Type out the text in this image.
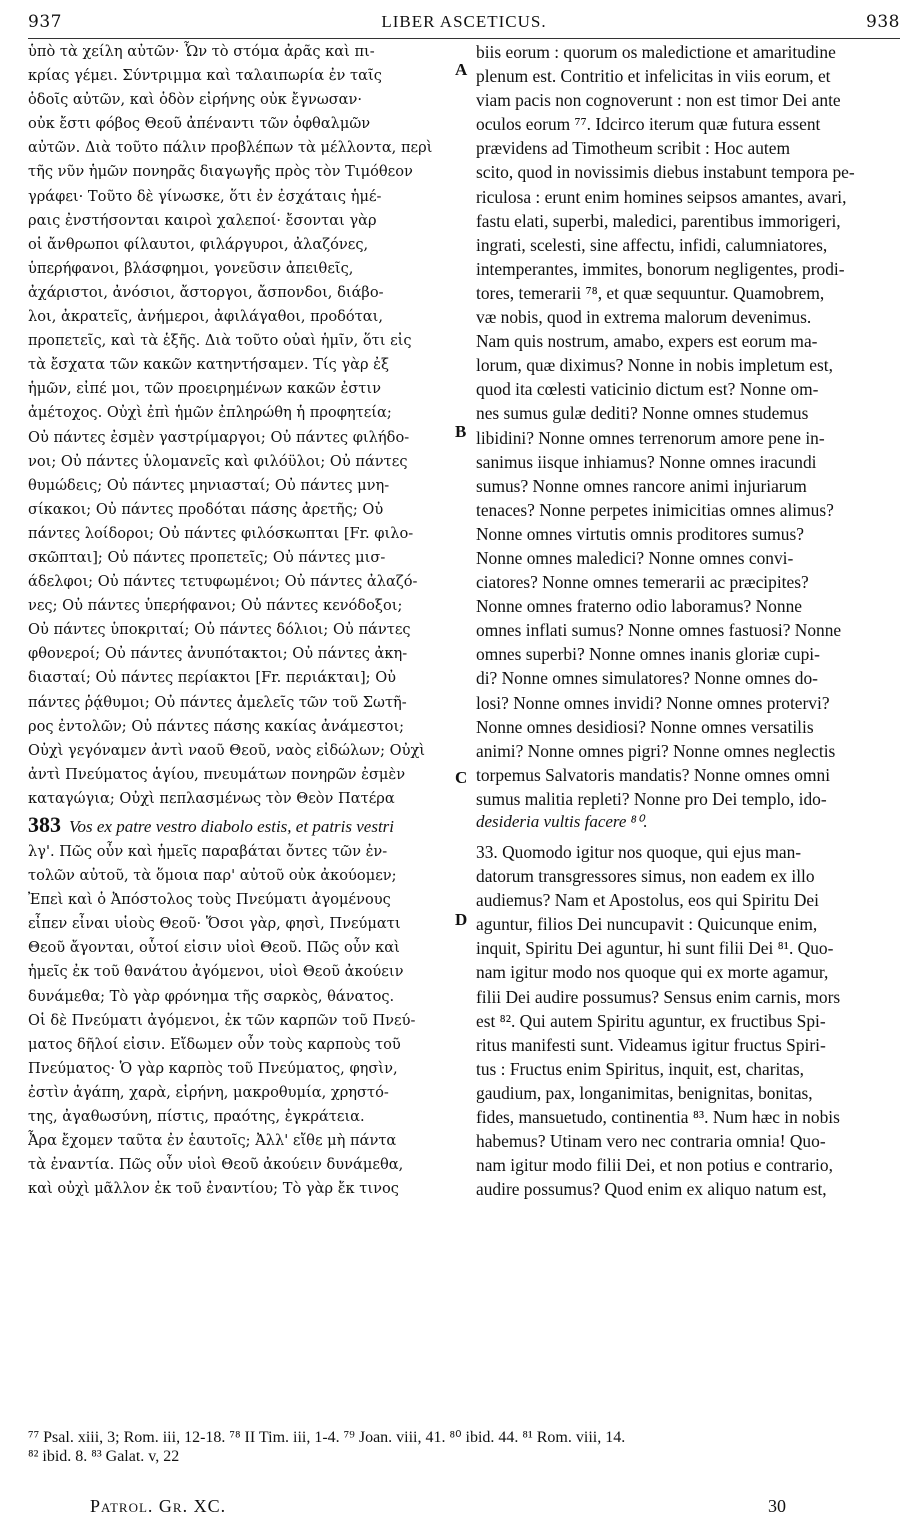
937	LIBER ASCETICUS.	938
ὑπὸ τὰ χείλη αὐτῶν· Ὧν τὸ στόμα ἀρᾶς καὶ πι-
κρίας γέμει. Σύντριμμα καὶ ταλαιπωρία ἐν ταῖς
ὁδοῖς αὐτῶν, καὶ ὁδὸν εἰρήνης οὐκ ἔγνωσαν·
οὐκ ἔστι φόβος Θεοῦ ἀπέναντι τῶν ὀφθαλμῶν
αὐτῶν. Διὰ τοῦτο πάλιν προβλέπων τὰ μέλλοντα, περὶ
τῆς νῦν ἡμῶν πονηρᾶς διαγωγῆς πρὸς τὸν Τιμόθεον
γράφει· Τοῦτο δὲ γίνωσκε, ὅτι ἐν ἐσχάταις ἡμέ-
ραις ἐνστήσονται καιροὶ χαλεποί· ἔσονται γὰρ
οἱ ἄνθρωποι φίλαυτοι, φιλάργυροι, ἀλαζόνες,
ὑπερήφανοι, βλάσφημοι, γονεῦσιν ἀπειθεῖς,
ἀχάριστοι, ἀνόσιοι, ἄστοργοι, ἄσπονδοι, διάβο-
λοι, ἀκρατεῖς, ἀνήμεροι, ἀφιλάγαθοι, προδόται,
προπετεῖς, καὶ τὰ ἑξῆς. Διὰ τοῦτο οὐαὶ ἡμῖν, ὅτι εἰς
τὰ ἔσχατα τῶν κακῶν κατηντήσαμεν. Τίς γὰρ ἐξ
ἡμῶν, εἰπέ μοι, τῶν προειρημένων κακῶν ἐστιν
ἀμέτοχος. Οὐχὶ ἐπὶ ἡμῶν ἐπληρώθη ἡ προφητεία;
Οὐ πάντες ἐσμὲν γαστρίμαργοι; Οὐ πάντες φιλήδο-
νοι; Οὐ πάντες ὑλομανεῖς καὶ φιλόϋλοι; Οὐ πάντες
θυμώδεις; Οὐ πάντες μηνιασταί; Οὐ πάντες μνη-
σίκακοι; Οὐ πάντες προδόται πάσης ἀρετῆς; Οὐ
πάντες λοίδοροι; Οὐ πάντες φιλόσκωπται [Fr. φιλο-
σκῶπται]; Οὐ πάντες προπετεῖς; Οὐ πάντες μισ-
άδελφοι; Οὐ πάντες τετυφωμένοι; Οὐ πάντες ἀλαζό-
νες; Οὐ πάντες ὑπερήφανοι; Οὐ πάντες κενόδοξοι;
Οὐ πάντες ὑποκριταί; Οὐ πάντες δόλιοι; Οὐ πάντες
φθονεροί; Οὐ πάντες ἀνυπότακτοι; Οὐ πάντες ἀκη-
διασταί; Οὐ πάντες περίακτοι [Fr. περιάκται]; Οὐ
πάντες ῥᾴθυμοι; Οὐ πάντες ἀμελεῖς τῶν τοῦ Σωτῆ-
ρος ἐντολῶν; Οὐ πάντες πάσης κακίας ἀνάμεστοι;
Οὐχὶ γεγόναμεν ἀντὶ ναοῦ Θεοῦ, ναὸς εἰδώλων; Οὐχὶ
ἀντὶ Πνεύματος ἁγίου, πνευμάτων πονηρῶν ἐσμὲν
καταγώγια; Οὐχὶ πεπλασμένως τὸν Θεὸν Πατέρα
biis eorum : quorum os maledictione et amaritudine
plenum est. Contritio et infelicitas in viis eorum, et
viam pacis non cognoverunt : non est timor Dei ante
oculos eorum ⁷⁷. Idcirco iterum quæ futura essent
prævidens ad Timotheum scribit : Hoc autem
scito, quod in novissimis diebus instabunt tempora pe-
riculosa : erunt enim homines seipsos amantes, avari,
fastu elati, superbi, maledici, parentibus immorigeri,
ingrati, scelesti, sine affectu, infidi, calumniatores,
intemperantes, immites, bonorum negligentes, prodi-
tores, temerarii ⁷⁸, et quæ sequuntur. Quamobrem,
væ nobis, quod in extrema malorum devenimus.
Nam quis nostrum, amabo, expers est eorum ma-
lorum, quæ diximus? Nonne in nobis impletum est,
quod ita cœlesti vaticinio dictum est? Nonne om-
nes sumus gulæ dediti? Nonne omnes studemus
libidini? Nonne omnes terrenorum amore pene in-
sanimus iisque inhiamus? Nonne omnes iracundi
sumus? Nonne omnes rancore animi injuriarum
tenaces? Nonne perpetes inimicitias omnes alimus?
Nonne omnes virtutis omnis proditores sumus?
Nonne omnes maledici? Nonne omnes convi-
ciatores? Nonne omnes temerarii ac præcipites?
Nonne omnes fraterno odio laboramus? Nonne
omnes inflati sumus? Nonne omnes fastuosi? Nonne
omnes superbi? Nonne omnes inanis gloriæ cupi-
di? Nonne omnes simulatores? Nonne omnes do-
losi? Nonne omnes invidi? Nonne omnes protervi?
Nonne omnes desidiosi? Nonne omnes versatilis
animi? Nonne omnes pigri? Nonne omnes neglectis
torpemus Salvatoris mandatis? Nonne omnes omni
sumus malitia repleti? Nonne pro Dei templo, ido-
A
B
C
D
383 Vos ex patre vestro diabolo estis, et patris vestri	desideria vultis facere ⁸⁰.
λγ'. Πῶς οὖν καὶ ἡμεῖς παραβάται ὄντες τῶν ἐν-
τολῶν αὐτοῦ, τὰ ὅμοια παρ' αὐτοῦ οὐκ ἀκούομεν;
Ἐπεὶ καὶ ὁ Ἀπόστολος τοὺς Πνεύματι ἀγομένους
εἶπεν εἶναι υἱοὺς Θεοῦ· Ὅσοι γὰρ, φησὶ, Πνεύματι
Θεοῦ ἄγονται, οὗτοί εἰσιν υἱοὶ Θεοῦ. Πῶς οὖν καὶ
ἡμεῖς ἐκ τοῦ θανάτου ἀγόμενοι, υἱοὶ Θεοῦ ἀκούειν
δυνάμεθα; Τὸ γὰρ φρόνημα τῆς σαρκὸς, θάνατος.
Οἱ δὲ Πνεύματι ἀγόμενοι, ἐκ τῶν καρπῶν τοῦ Πνεύ-
ματος δῆλοί εἰσιν. Εἴδωμεν οὖν τοὺς καρποὺς τοῦ
Πνεύματος· Ὁ γὰρ καρπὸς τοῦ Πνεύματος, φησὶν,
ἐστὶν ἀγάπη, χαρὰ, εἰρήνη, μακροθυμία, χρηστό-
της, ἀγαθωσύνη, πίστις, πραότης, ἐγκράτεια.
Ἆρα ἔχομεν ταῦτα ἐν ἑαυτοῖς; Ἀλλ' εἴθε μὴ πάντα
τὰ ἐναντία. Πῶς οὖν υἱοὶ Θεοῦ ἀκούειν δυνάμεθα,
καὶ οὐχὶ μᾶλλον ἐκ τοῦ ἐναντίου; Τὸ γὰρ ἔκ τινος
33. Quomodo igitur nos quoque, qui ejus man-
datorum transgressores simus, non eadem ex illo
audiemus? Nam et Apostolus, eos qui Spiritu Dei
aguntur, filios Dei nuncupavit : Quicunque enim,
inquit, Spiritu Dei aguntur, hi sunt filii Dei ⁸¹. Quo-
nam igitur modo nos quoque qui ex morte agamur,
filii Dei audire possumus? Sensus enim carnis, mors
est ⁸². Qui autem Spiritu aguntur, ex fructibus Spi-
ritus manifesti sunt. Videamus igitur fructus Spiri-
tus : Fructus enim Spiritus, inquit, est, charitas,
gaudium, pax, longanimitas, benignitas, bonitas,
fides, mansuetudo, continentia ⁸³. Num hæc in nobis
habemus? Utinam vero nec contraria omnia! Quo-
nam igitur modo filii Dei, et non potius e contrario,
audire possumus? Quod enim ex aliquo natum est,
⁷⁷ Psal. xiii, 3; Rom. iii, 12-18. ⁷⁸ II Tim. iii, 1-4. ⁷⁹ Joan. viii, 41. ⁸⁰ ibid. 44. ⁸¹ Rom. viii, 14.
⁸² ibid. 8. ⁸³ Galat. v, 22
Patrol. Gr. XC.	30
